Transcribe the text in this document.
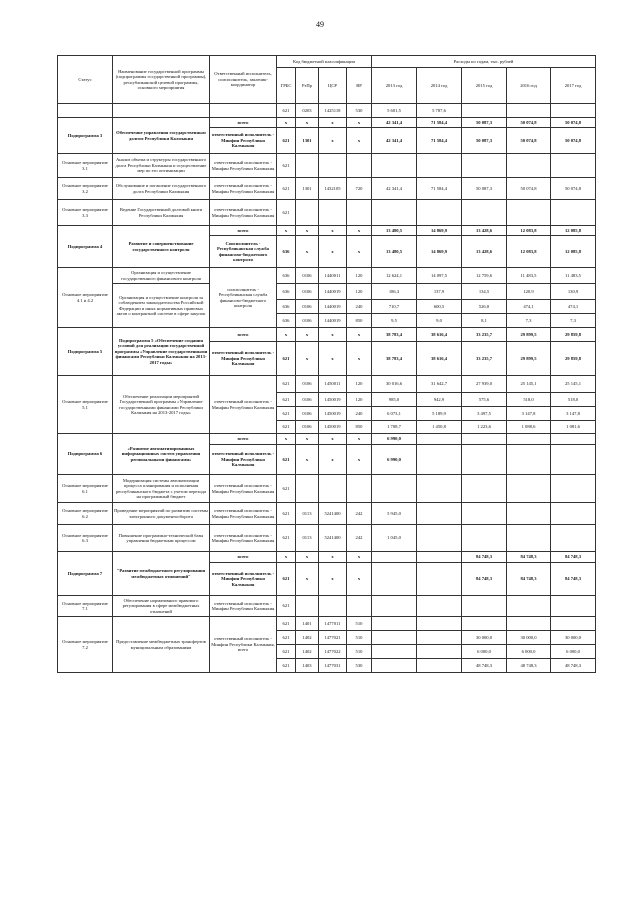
49
Статус	Наименование государственной программы (подпрограммы государственной программы), республиканской целевой программы, основного мероприятия	Ответственный исполнитель, соисполнитель, заказчик-координатор	Код бюджетной классификации				Расходы по годам, тыс. рублей				
			ГРБС	РзПр	ЦСР	ВР	2013 год	2014 год	2015 год	2016 год	2017 год
			621	0203	1425118	530	5 601,5	5 787,6			
Подпрограмма 3	Обеспечение управления государственным долгом Республики Калмыкия	всего	x	x	x	x	42 341,4	71 584,4	50 087,3	50 074,8	50 074,8
		ответственный исполнитель - Минфин Республики Калмыкия	621	1301	x	x	42 341,4	71 584,4	50 087,3	50 074,8	50 074,8
Основное мероприятие 3.1	Анализ объема и структуры государственного долга Республики Калмыкия и осуществление мер по его оптимизации	ответственный исполнитель - Минфин Республики Калмыкия	621								
Основное мероприятие 3.2	Обслуживание и погашение государственного долга Республики Калмыкия	ответственный исполнитель - Минфин Республики Калмыкия	621	1301	1432105	720	42 341,4	71 584,4	50 087,3	50 074,8	50 074,8
Основное мероприятие 3.3	Ведение Государственной долговой книги Республики Калмыкия	ответственный исполнитель - Минфин Республики Калмыкия	621								
Подпрограмма 4	Развитие и совершенствование государственного контроля	всего	x	x	x	x	13 480,5	14 869,9	13 428,6	12 083,8	12 085,8
		Соисполнитель - Республиканская служба финансово-бюджетного контроля	636	x	x	x	13 480,5	14 869,9	13 428,6	12 083,8	12 085,8
Основное мероприятие 4.1 и 4.2	Организация и осуществление государственного финансового контроля	соисполнитель - Республиканская служба финансово-бюджетного контроля	636	0106	1440011	120	12 624,1	14 097,5	12 759,6	11 483,5	11 483,5
	Организация и осуществление контроля за соблюдением законодательства Российской Федерации и иных нормативных правовых актов о контрактной системе в сфере закупок		636	0106	1440019	120	186,3	137,9	134,5	120,9	130,9
			636	0106	1440019	240	710,7	600,5	526,8	474,1	474,1
			636	0106	1440019	850	9,5	9,0	8,1	7,3	7,3
Подпрограмма 5	Подпрограмма 5 «Обеспечение создания условий для реализации государственной программы «Управление государственными финансами Республики Калмыкия на 2013-2017 годы»	всего	x	x	x	x	38 783,4	38 616,4	33 235,7	29 899,5	29 859,8
		ответственный исполнитель - Минфин Республики Калмыкия	621	x	x	x	38 783,4	38 616,4	33 235,7	29 899,5	29 859,8
Основное мероприятие 5.1	Обеспечение реализации мероприятий Государственной программы «Управление государственными финансами Республики Калмыкия на 2013-2017 годы»	ответственный исполнитель - Минфин Республики Калмыкия	621	0106	1450011	120	30 016,6	31 642,7	27 939,0	25 145,1	25 145,1
			621	0106	1450019	120	985,0	942,9	575,6	518,0	518,0
			621	0106	1450019	240	6 073,1	5 189,9	3 497,5	3 147,8	3 147,8
			621	0106	1450019	850	1 708,7	1 450,8	1 223,6	1 088,6	1 081,6
Подпрограмма 6	«Развитие автоматизированных информационных систем управления региональными финансами»	всего	x	x	x	x	6 990,0				
		ответственный исполнитель - Минфин Республики Калмыкия	621	x	x	x	6 990,0				
Основное мероприятие 6.1	Модернизация системы автоматизации процесса планирования и исполнения республиканского бюджета с учетом перехода на программный бюджет	ответственный исполнитель - Минфин Республики Калмыкия	621								
Основное мероприятие 6.2	Проведение мероприятий по развитию системы электронного документооборота	ответственный исполнитель - Минфин Республики Калмыкия	621	0113	5241400	242	5 945,0				
Основное мероприятие 6.3	Повышение программно-технической базы управления бюджетным процессом	ответственный исполнитель - Минфин Республики Калмыкия	621	0113	5241400	242	1 045,0				
Подпрограмма 7	"Развитие межбюджетного регулирования межбюджетных отношений"	всего	x	x	x	x			84 748,3	84 748,3	84 748,3
		ответственный исполнитель - Минфин Республики Калмыкия	621	x	x	x			84 748,3	84 748,3	84 748,3
Основное мероприятие 7.1	Обеспечение нормативного правового регулирования в сфере межбюджетных отношений	ответственный исполнитель - Минфин Республики Калмыкия	621								
Основное мероприятие 7.2	Предоставление межбюджетных трансфертов муниципальным образованиям	ответственный исполнитель - Минфин Республики Калмыкия, всего	621	1401	1477011	510					
			621	1402	1477021	510			30 000,0	30 000,0	30 000,0
			621	1402	1477022	510			6 000,0	6 000,0	6 000,0
			621	1403	1477031	530			48 748,3	48 748,3	48 748,3
